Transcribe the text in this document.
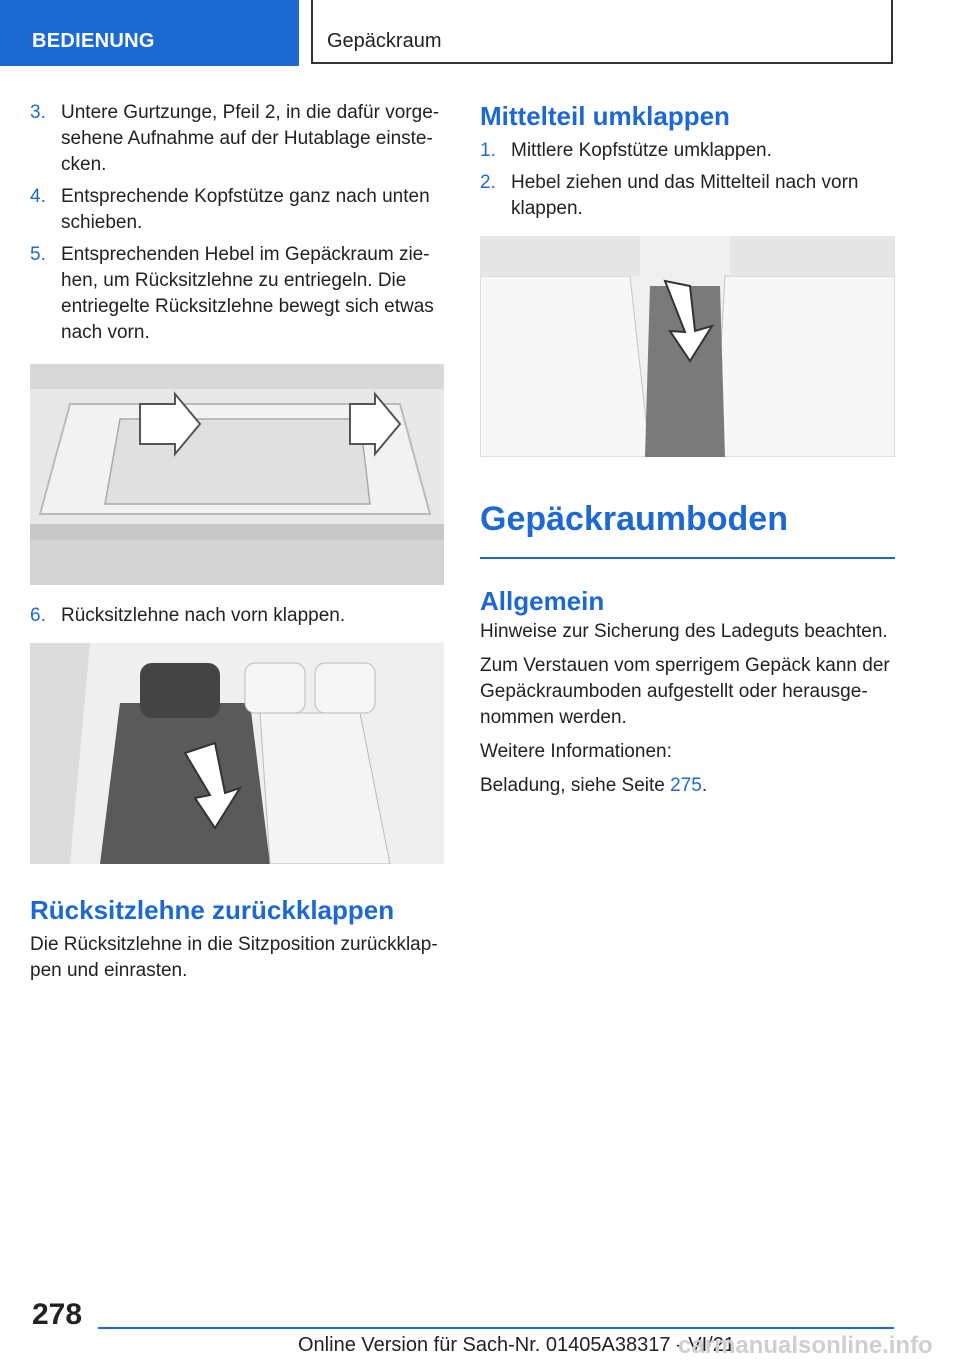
BEDIENUNG	Gepäckraum
3. Untere Gurtzunge, Pfeil 2, in die dafür vorgesehene Aufnahme auf der Hutablage einstecken.
4. Entsprechende Kopfstütze ganz nach unten schieben.
5. Entsprechenden Hebel im Gepäckraum ziehen, um Rücksitzlehne zu entriegeln. Die entriegelte Rücksitzlehne bewegt sich etwas nach vorn.
6. Rücksitzlehne nach vorn klappen.
Rücksitzlehne zurückklappen

Die Rücksitzlehne in die Sitzposition zurückklappen und einrasten.

Mittelteil umklappen
1. Mittlere Kopfstütze umklappen.
2. Hebel ziehen und das Mittelteil nach vorn klappen.
Gepäckraumboden
Allgemein

Hinweise zur Sicherung des Ladeguts beachten.

Zum Verstauen vom sperrigem Gepäck kann der Gepäckraumboden aufgestellt oder herausgenommen werden.

Weitere Informationen:

Beladung, siehe Seite 275.

278
Online Version für Sach-Nr. 01405A38317 - VI/21
carmanualsonline.info
